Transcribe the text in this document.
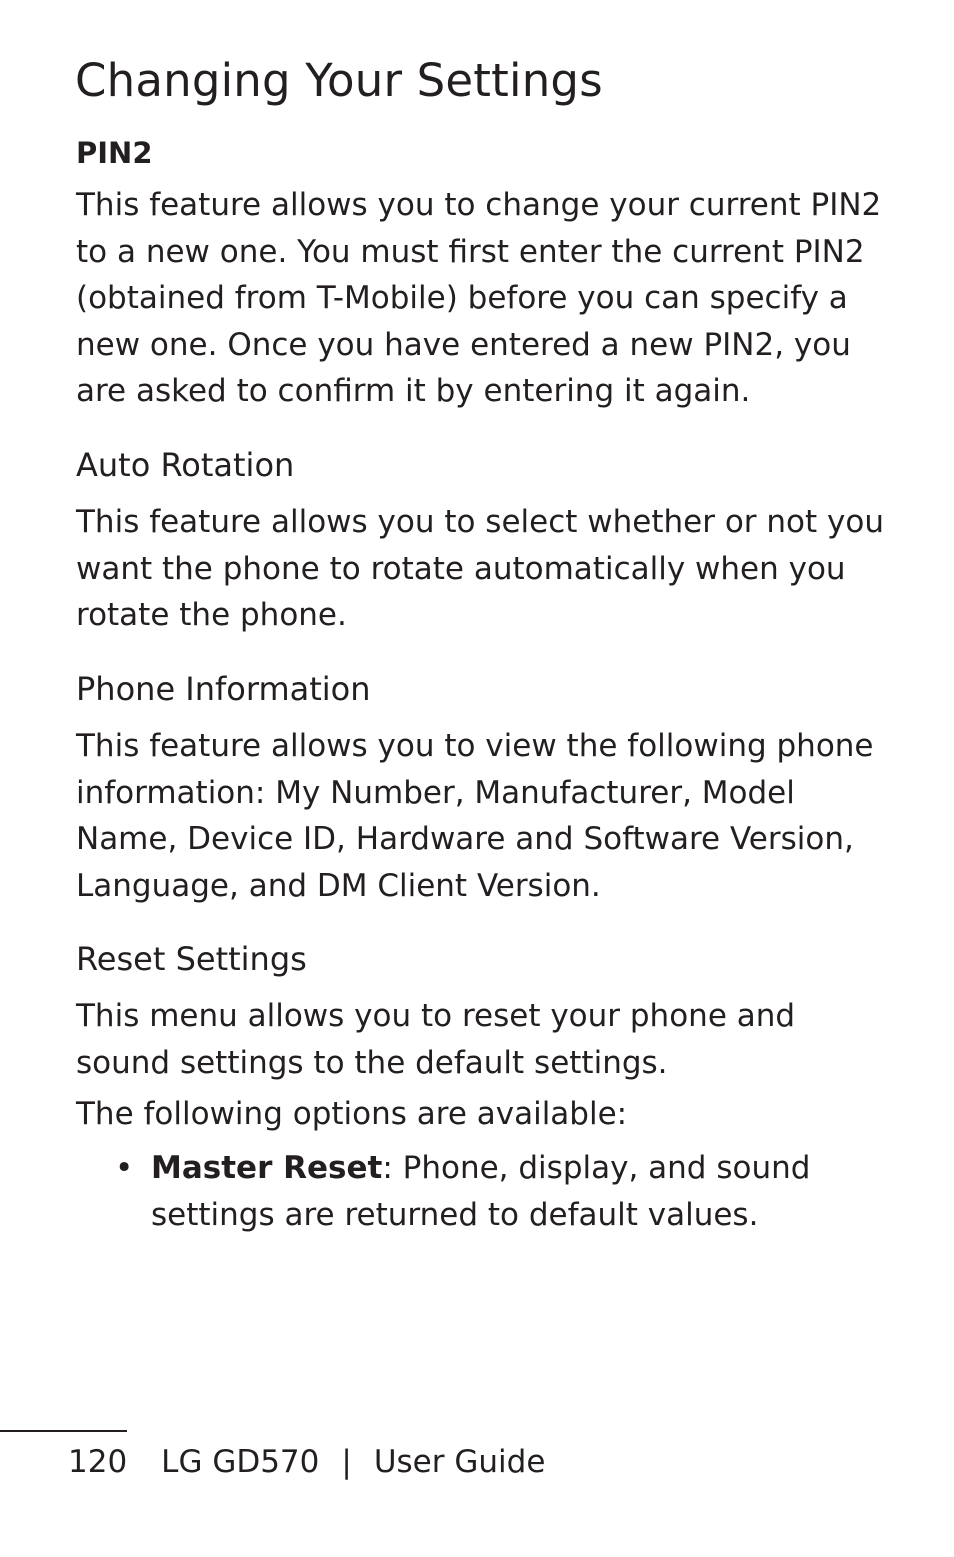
Changing Your Settings
PIN2

This feature allows you to change your current PIN2
to a new one. You must first enter the current PIN2
(obtained from T-Mobile) before you can specify a
new one. Once you have entered a new PIN2, you
are asked to confirm it by entering it again.

Auto Rotation

This feature allows you to select whether or not you
want the phone to rotate automatically when you
rotate the phone.

Phone Information

This feature allows you to view the following phone
information: My Number, Manufacturer, Model
Name, Device ID, Hardware and Software Version,
Language, and DM Client Version.

Reset Settings

This menu allows you to reset your phone and
sound settings to the default settings.

The following options are available:

• Master Reset: Phone, display, and sound
settings are returned to default values.
120 LG GD570 | User Guide
